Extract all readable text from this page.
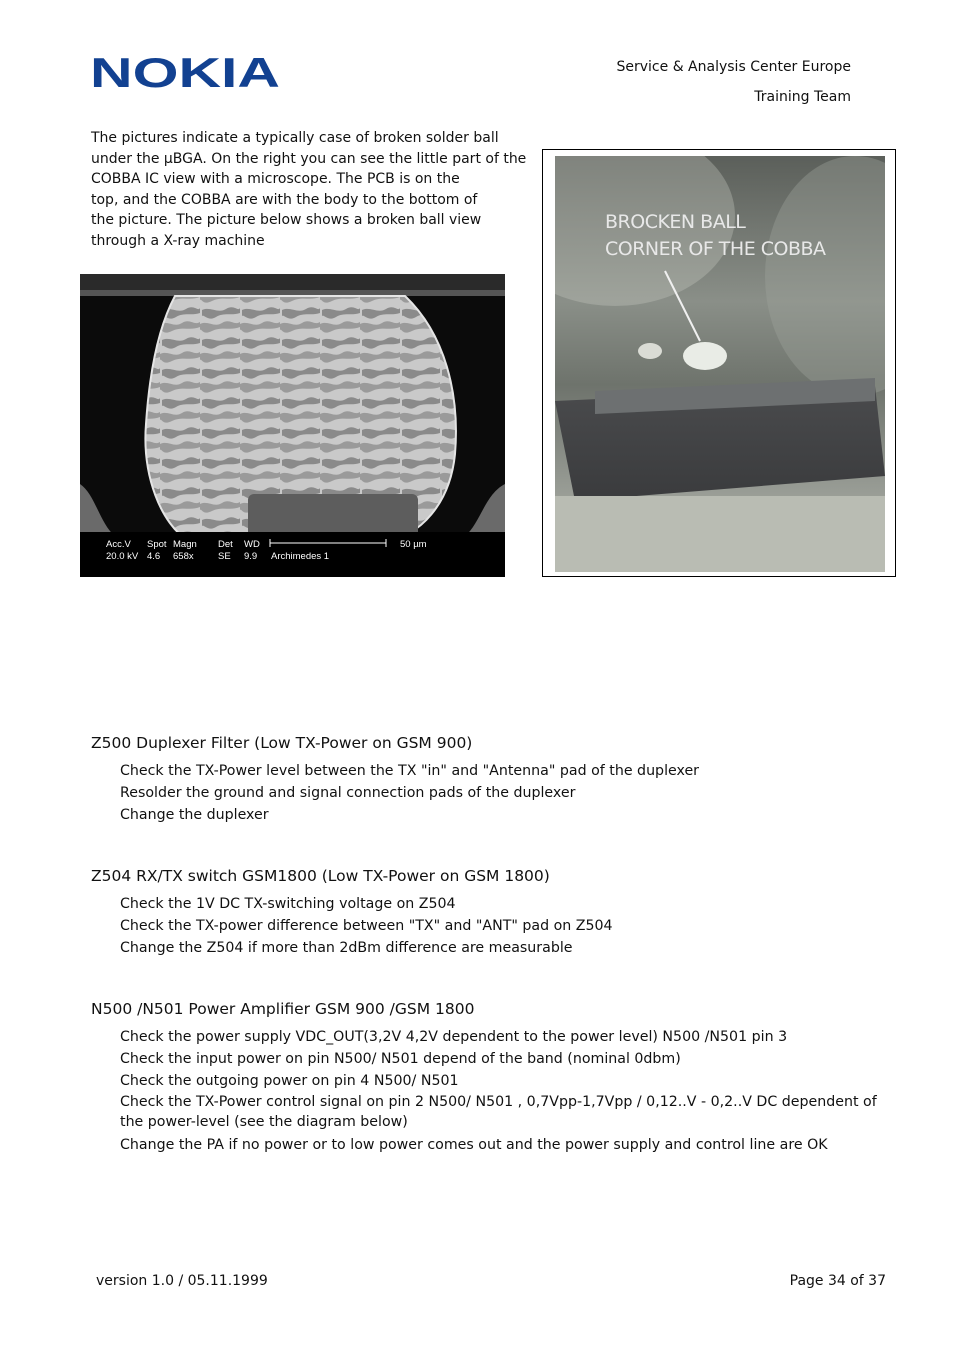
NOKIA	Service & Analysis Center Europe
Training Team
The pictures indicate a typically case of broken solder ball
under the µBGA. On the right you can see the little part of the
COBBA IC view with a microscope. The PCB is on the
top, and the COBBA are with the body to the bottom of
the picture. The picture below shows a broken ball view
through a X-ray machine
Acc.V
20.0 kV
Spot
4.6
Magn
658x
Det
SE
WD
9.9 Archimedes 1
50 µm
BROCKEN BALL
CORNER OF THE COBBA
Z500 Duplexer Filter (Low TX-Power on GSM 900)
Check the TX-Power level between the TX "in" and "Antenna" pad of the duplexer
Resolder the ground and signal connection pads of the duplexer
Change the duplexer
Z504 RX/TX switch GSM1800 (Low TX-Power on GSM 1800)
Check the 1V DC TX-switching voltage on Z504
Check the TX-power difference between "TX" and "ANT" pad on Z504
Change the Z504 if more than 2dBm difference are measurable
N500 /N501 Power Amplifier GSM 900 /GSM 1800
Check the power supply VDC_OUT(3,2V 4,2V dependent to the power level) N500 /N501 pin 3
Check the input power on pin N500/ N501 depend of the band (nominal 0dbm)
Check the outgoing power on pin 4 N500/ N501
Check the TX-Power control signal on pin 2 N500/ N501 , 0,7Vpp-1,7Vpp / 0,12..V - 0,2..V DC dependent of the power-level (see the diagram below)
Change the PA if no power or to low power comes out and the power supply and control line are OK
version 1.0 / 05.11.1999	Page 34 of 37
